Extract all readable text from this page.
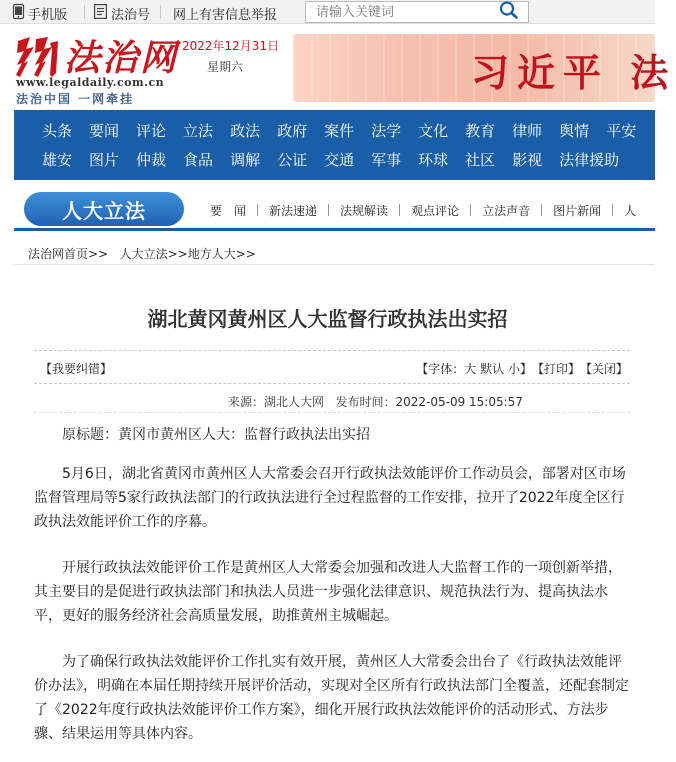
手机版	法治号 网上有害信息举报
请输入关键词
法治网
www.legaldaily.com.cn
法治中国 一网牵挂
2022年12月31日
星期六	习近平 法
头条 要闻 评论 立法 政法 政府 案件 法学 文化 教育 律师 舆情 平安
雄安 图片 仲裁 食品 调解 公证 交通 军事 环球 社区 影视 法律援助
人大立法	要　闻 新法速递 法规解读 观点评论 立法声音 图片新闻 人
法治网首页>> 人大立法>>地方人大>>
湖北黄冈黄州区人大监督行政执法出实招
【我要纠错】	【字体： 大
默认
小】 【打印】 【关闭】
来源：湖北人大网 发布时间：2022-05-09 15:05:57

原标题：黄冈市黄州区人大：监督行政执法出实招

5月6日，湖北省黄冈市黄州区人大常委会召开行政执法效能评价工作动员会，部署对区市场监督管理局等5家行政执法部门的行政执法进行全过程监督的工作安排，拉开了2022年度全区行政执法效能评价工作的序幕。

开展行政执法效能评价工作是黄州区人大常委会加强和改进人大监督工作的一项创新举措，其主要目的是促进行政执法部门和执法人员进一步强化法律意识、规范执法行为、提高执法水平，更好的服务经济社会高质量发展，助推黄州主城崛起。

为了确保行政执法效能评价工作扎实有效开展，黄州区人大常委会出台了《行政执法效能评价办法》，明确在本届任期持续开展评价活动，实现对全区所有行政执法部门全覆盖，还配套制定了《2022年度行政执法效能评价工作方案》，细化开展行政执法效能评价的活动形式、方法步骤、结果运用等具体内容。
